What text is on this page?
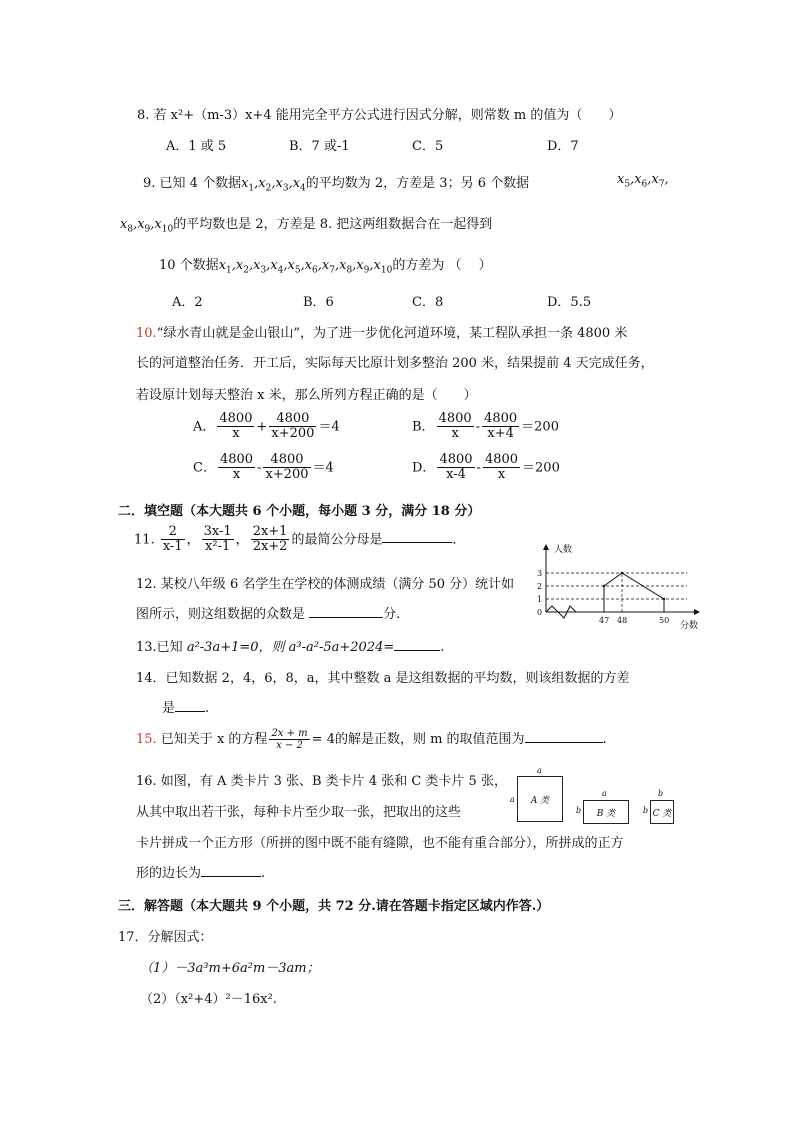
8. 若 x²+（m-3）x+4 能用完全平方公式进行因式分解，则常数 m 的值为（　　）
A．1 或 5	B．7 或-1	C．5	D．7
9. 已知 4 个数据$x_1,x_2,x_3,x_4$的平均数为 2，方差是 3；另 6 个数据	$x_5,x_6,x_7$,
$x_8,x_9,x_{10}$的平均数也是 2，方差是 8. 把这两组数据合在一起得到
10 个数据$x_1,x_2,x_3,x_4,x_5,x_6,x_7,x_8,x_9,x_{10}$的方差为 （　 ）
A．2	B．6	C．8	D．5.5
10.“绿水青山就是金山银山”，为了进一步优化河道环境，某工程队承担一条 4800 米
长的河道整治任务．开工后，实际每天比原计划多整治 200 米，结果提前 4 天完成任务，
若设原计划每天整治 x 米，那么所列方程正确的是（　　）
A． $\frac{4800}{x} + \frac{4800}{x+200} =4$	B． $\frac{4800}{x} - \frac{4800}{x+4} =200$
C． $\frac{4800}{x} - \frac{4800}{x+200} =4$	D． $\frac{4800}{x-4} - \frac{4800}{x} =200$
二．填空题（本大题共 6 个小题，每小题 3 分，满分 18 分）
11. $\frac{2}{x-1}$ ， $\frac{3x-1}{\text{x²-1}}$ ， $\frac{2x+1}{2x+2}$ 的最简公分母是	．
12. 某校八年级 6 名学生在学校的体测成绩（满分 50 分）统计如
图所示，则这组数据的众数是	分.
人数
分数
0
1
2
3
47 48	50
13.已知 a²-3a+1=0，则 a³-a²-5a+2024=	.
14．已知数据 2，4，6，8，a，其中整数 a 是这组数据的平均数，则该组数据的方差
是 .
15. 已知关于 x 的方程 $\frac{2x + m}{x - 2} = 4$的解是正数，则 m 的取值范围为	.
16. 如图，有 A 类卡片 3 张、B 类卡片 4 张和 C 类卡片 5 张，
从其中取出若干张，每种卡片至少取一张，把取出的这些
卡片拼成一个正方形（所拼的图中既不能有缝隙，也不能有重合部分），所拼成的正方
形的边长为	.
A 类
a
a
B 类
a
b	C 类
b
b
三．解答题（本大题共 9 个小题，共 72 分.请在答题卡指定区域内作答.）
17．分解因式：
（1）－3a³m+6a²m－3am；
（2）（x²+4）²－16x².
